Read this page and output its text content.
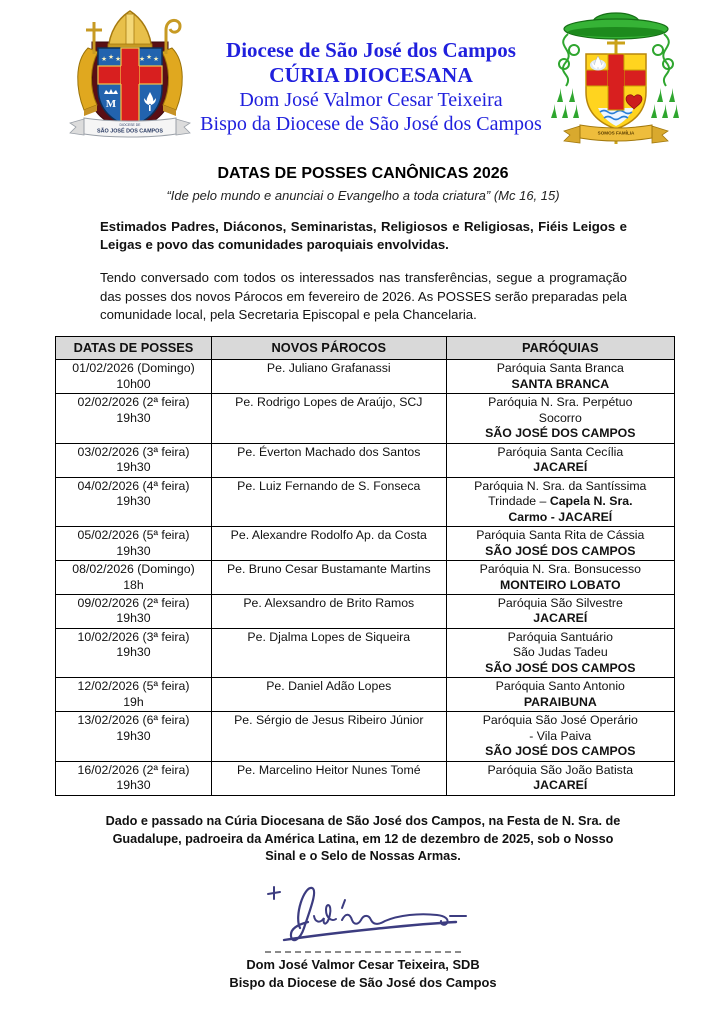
★ ★ ★	★ ★ ★
M
DIOCESE DE
SÃO JOSÉ DOS CAMPOS
Diocese de São José dos Campos
CÚRIA DIOCESANA
Dom José Valmor Cesar Teixeira
Bispo da Diocese de São José dos Campos	SOMOS FAMÍLIA
DATAS DE POSSES CANÔNICAS 2026
“Ide pelo mundo e anunciai o Evangelho a toda criatura” (Mc 16, 15)
Estimados Padres, Diáconos, Seminaristas, Religiosos e Religiosas, Fiéis Leigos e Leigas e povo das comunidades paroquiais envolvidas.
Tendo conversado com todos os interessados nas transferências, segue a programação das posses dos novos Párocos em fevereiro de 2026. As POSSES serão preparadas pela comunidade local, pela Secretaria Episcopal e pela Chancelaria.
DATAS DE POSSES	NOVOS PÁROCOS	PARÓQUIAS

01/02/2026 (Domingo)
10h00
	Pe. Juliano Grafanassi	Paróquia Santa Branca
SANTA BRANCA

02/02/2026 (2ª feira)
19h30
	Pe. Rodrigo Lopes de Araújo, SCJ	Paróquia N. Sra. Perpétuo
Socorro
SÃO JOSÉ DOS CAMPOS

03/02/2026 (3ª feira)
19h30
	Pe. Éverton Machado dos Santos	Paróquia Santa Cecília
JACAREÍ

04/02/2026 (4ª feira)
19h30
	Pe. Luiz Fernando de S. Fonseca	Paróquia N. Sra. da Santíssima
Trindade – Capela N. Sra.
Carmo - JACAREÍ

05/02/2026 (5ª feira)
19h30
	Pe. Alexandre Rodolfo Ap. da Costa	Paróquia Santa Rita de Cássia
SÃO JOSÉ DOS CAMPOS

08/02/2026 (Domingo)
18h
	Pe. Bruno Cesar Bustamante Martins	Paróquia N. Sra. Bonsucesso
MONTEIRO LOBATO

09/02/2026 (2ª feira)
19h30
	Pe. Alexsandro de Brito Ramos	Paróquia São Silvestre
JACAREÍ

10/02/2026 (3ª feira)
19h30
	Pe. Djalma Lopes de Siqueira	Paróquia Santuário
São Judas Tadeu
SÃO JOSÉ DOS CAMPOS

12/02/2026 (5ª feira)
19h
	Pe. Daniel Adão Lopes	Paróquia Santo Antonio
PARAIBUNA

13/02/2026 (6ª feira)
19h30
	Pe. Sérgio de Jesus Ribeiro Júnior	Paróquia São José Operário
- Vila Paiva
SÃO JOSÉ DOS CAMPOS

16/02/2026 (2ª feira)
19h30
	Pe. Marcelino Heitor Nunes Tomé	Paróquia São João Batista
JACAREÍ
Dado e passado na Cúria Diocesana de São José dos Campos, na Festa de N. Sra. de Guadalupe, padroeira da América Latina, em 12 de dezembro de 2025, sob o Nosso Sinal e o Selo de Nossas Armas.
Dom José Valmor Cesar Teixeira, SDB
Bispo da Diocese de São José dos Campos
